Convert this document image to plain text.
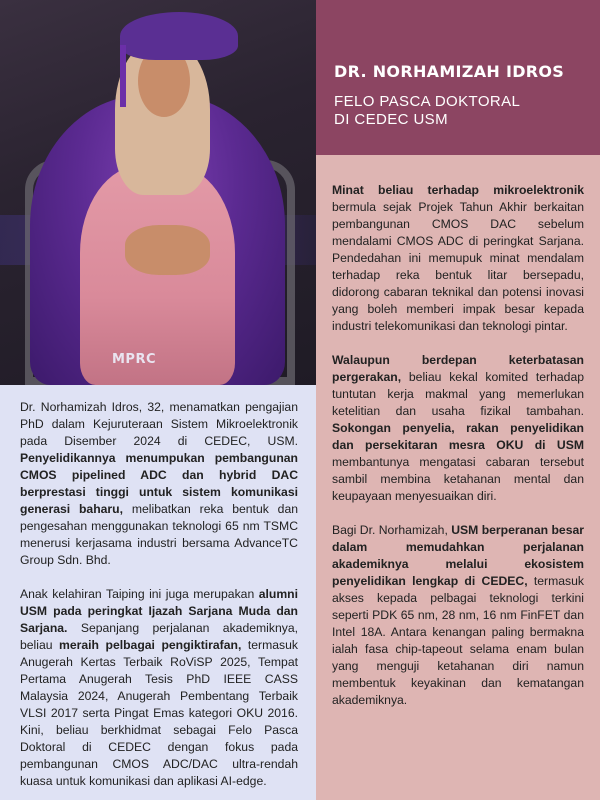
MPRC
DR. NORHAMIZAH IDROS
FELO PASCA DOKTORAL
DI CEDEC USM

Dr. Norhamizah Idros, 32, menamatkan pengajian PhD dalam Kejuruteraan Sistem Mikroelektronik pada Disember 2024 di CEDEC, USM. Penyelidikannya menumpukan pembangunan CMOS pipelined ADC dan hybrid DAC berprestasi tinggi untuk sistem komunikasi generasi baharu, melibatkan reka bentuk dan pengesahan menggunakan teknologi 65 nm TSMC menerusi kerjasama industri bersama AdvanceTC Group Sdn. Bhd.

Anak kelahiran Taiping ini juga merupakan alumni USM pada peringkat Ijazah Sarjana Muda dan Sarjana. Sepanjang perjalanan akademiknya, beliau meraih pelbagai pengiktirafan, termasuk Anugerah Kertas Terbaik RoViSP 2025, Tempat Pertama Anugerah Tesis PhD IEEE CASS Malaysia 2024, Anugerah Pembentang Terbaik VLSI 2017 serta Pingat Emas kategori OKU 2016. Kini, beliau berkhidmat sebagai Felo Pasca Doktoral di CEDEC dengan fokus pada pembangunan CMOS ADC/DAC ultra-rendah kuasa untuk komunikasi dan aplikasi AI-edge.

Minat beliau terhadap mikroelektronik bermula sejak Projek Tahun Akhir berkaitan pembangunan CMOS DAC sebelum mendalami CMOS ADC di peringkat Sarjana. Pendedahan ini memupuk minat mendalam terhadap reka bentuk litar bersepadu, didorong cabaran teknikal dan potensi inovasi yang boleh memberi impak besar kepada industri telekomunikasi dan teknologi pintar.

Walaupun berdepan keterbatasan pergerakan, beliau kekal komited terhadap tuntutan kerja makmal yang memerlukan ketelitian dan usaha fizikal tambahan. Sokongan penyelia, rakan penyelidikan dan persekitaran mesra OKU di USM membantunya mengatasi cabaran tersebut sambil membina ketahanan mental dan keupayaan menyesuaikan diri.

Bagi Dr. Norhamizah, USM berperanan besar dalam memudahkan perjalanan akademiknya melalui ekosistem penyelidikan lengkap di CEDEC, termasuk akses kepada pelbagai teknologi terkini seperti PDK 65 nm, 28 nm, 16 nm FinFET dan Intel 18A. Antara kenangan paling bermakna ialah fasa chip-tapeout selama enam bulan yang menguji ketahanan diri namun membentuk keyakinan dan kematangan akademiknya.
